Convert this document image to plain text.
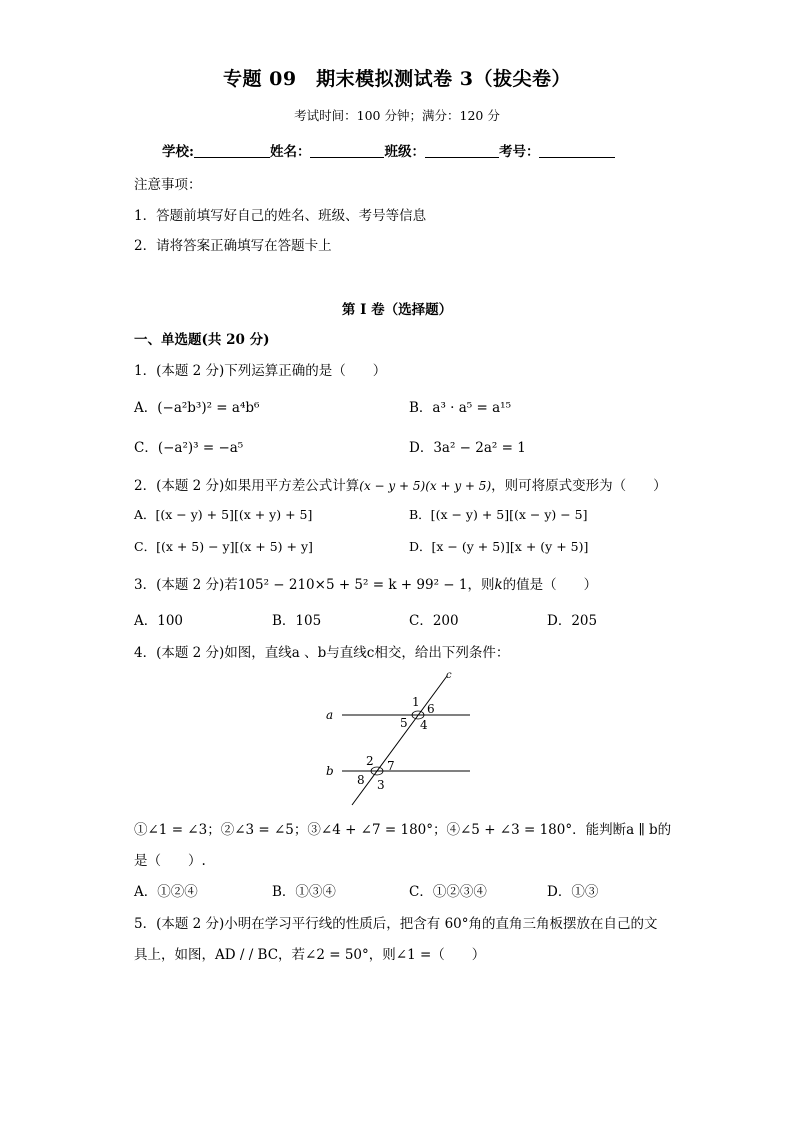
专题 09　期末模拟测试卷 3（拔尖卷）
考试时间：100 分钟；满分：120 分
学校:	姓名：	班级：	考号：
注意事项：
1．答题前填写好自己的姓名、班级、考号等信息
2．请将答案正确填写在答题卡上
第 I 卷（选择题）
一、单选题(共 20 分)
1．(本题 2 分)下列运算正确的是（　　）
A．(−a²b³)² = a⁴b⁶	B．a³ · a⁵ = a¹⁵
C．(−a²)³ = −a⁵	D．3a² − 2a² = 1
2．(本题 2 分)如果用平方差公式计算(x − y + 5)(x + y + 5)，则可将原式变形为（　　）
A．[(x − y) + 5][(x + y) + 5]	B．[(x − y) + 5][(x − y) − 5]
C．[(x + 5) − y][(x + 5) + y]	D．[x − (y + 5)][x + (y + 5)]
3．(本题 2 分)若105² − 210×5 + 5² = k + 99² − 1，则k的值是（　　）
A．100	B．105	C．200	D．205
4．(本题 2 分)如图，直线a 、b与直线c相交，给出下列条件：
a
b
c
1 6
5 4
2 7
8 3
①∠1 = ∠3；②∠3 = ∠5；③∠4 + ∠7 = 180°；④∠5 + ∠3 = 180°．能判断a ∥ b的
是（　　）.
A．①②④	B．①③④	C．①②③④	D．①③
5．(本题 2 分)小明在学习平行线的性质后，把含有 60°角的直角三角板摆放在自己的文
具上，如图，AD / / BC，若∠2 = 50°，则∠1 =（　　）
